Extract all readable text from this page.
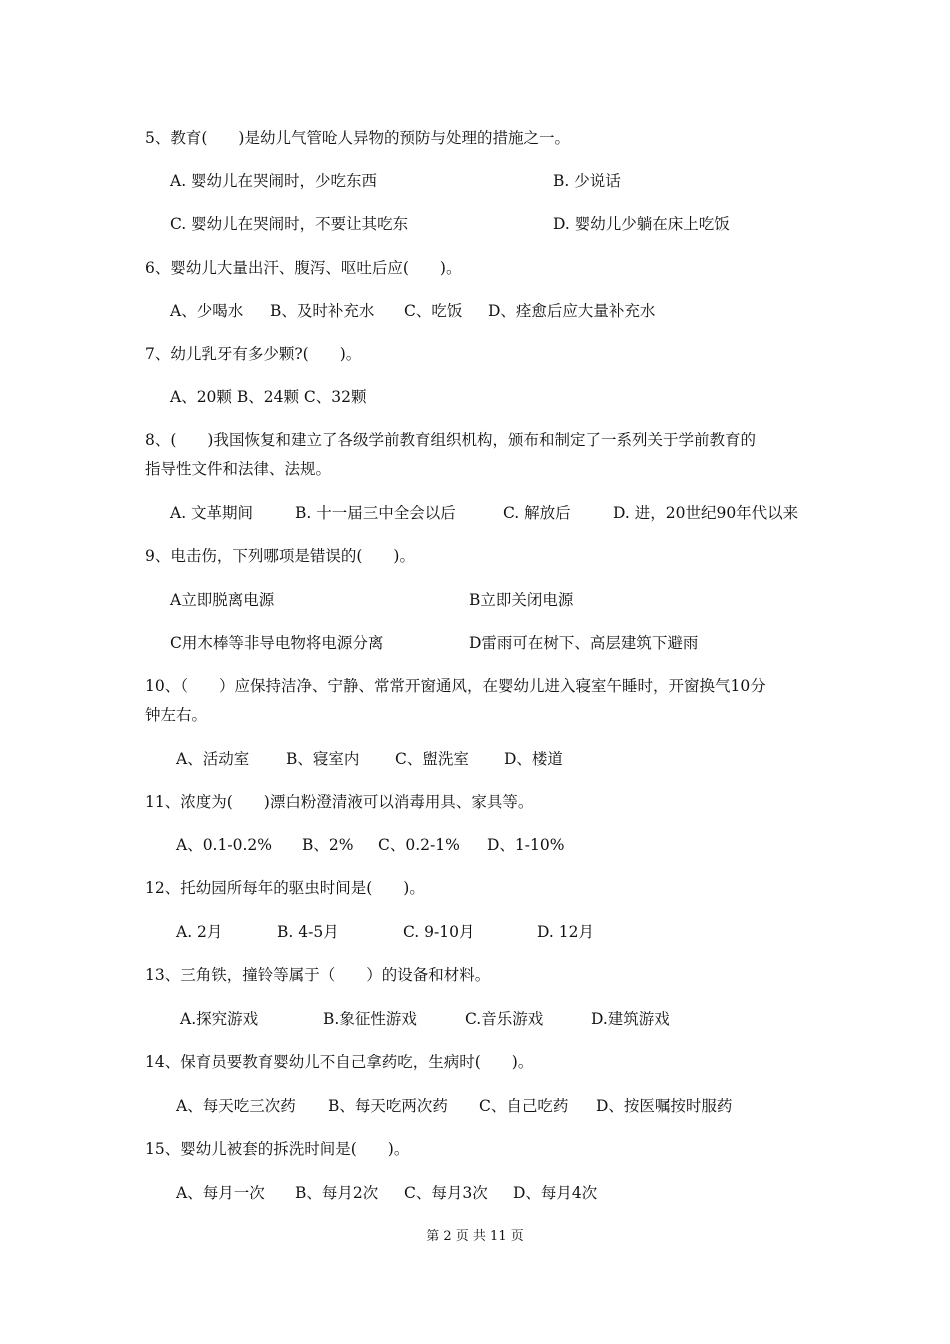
5、教育(　　)是幼儿气管呛人异物的预防与处理的措施之一。
A. 婴幼儿在哭闹时，少吃东西	B. 少说话
C. 婴幼儿在哭闹时，不要让其吃东	D. 婴幼儿少躺在床上吃饭
6、婴幼儿大量出汗、腹泻、呕吐后应(　　)。
A、少喝水 B、及时补充水 C、吃饭 D、痊愈后应大量补充水
7、幼儿乳牙有多少颗?(　　)。
A、20颗 B、24颗 C、32颗
8、(　　)我国恢复和建立了各级学前教育组织机构，颁布和制定了一系列关于学前教育的
指导性文件和法律、法规。
A. 文革期间	B. 十一届三中全会以后	C. 解放后	D. 进，20世纪90年代以来
9、电击伤，下列哪项是错误的(　　)。
A立即脱离电源	B立即关闭电源
C用木棒等非导电物将电源分离	D雷雨可在树下、高层建筑下避雨
10、（　　）应保持洁净、宁静、常常开窗通风，在婴幼儿进入寝室午睡时，开窗换气10分
钟左右。
A、活动室 B、寝室内 C、盥洗室 D、楼道
11、浓度为(　　)漂白粉澄清液可以消毒用具、家具等。
A、0.1-0.2% B、2% C、0.2-1% D、1-10%
12、托幼园所每年的驱虫时间是(　　)。
A. 2月	B. 4-5月	C. 9-10月	D. 12月
13、三角铁，撞铃等属于（　　）的设备和材料。
A.探究游戏	B.象征性游戏	C.音乐游戏	D.建筑游戏
14、保育员要教育婴幼儿不自己拿药吃，生病时(　　)。
A、每天吃三次药 B、每天吃两次药 C、自己吃药 D、按医嘱按时服药
15、婴幼儿被套的拆洗时间是(　　)。
A、每月一次 B、每月2次 C、每月3次 D、每月4次
第 2 页 共 11 页
